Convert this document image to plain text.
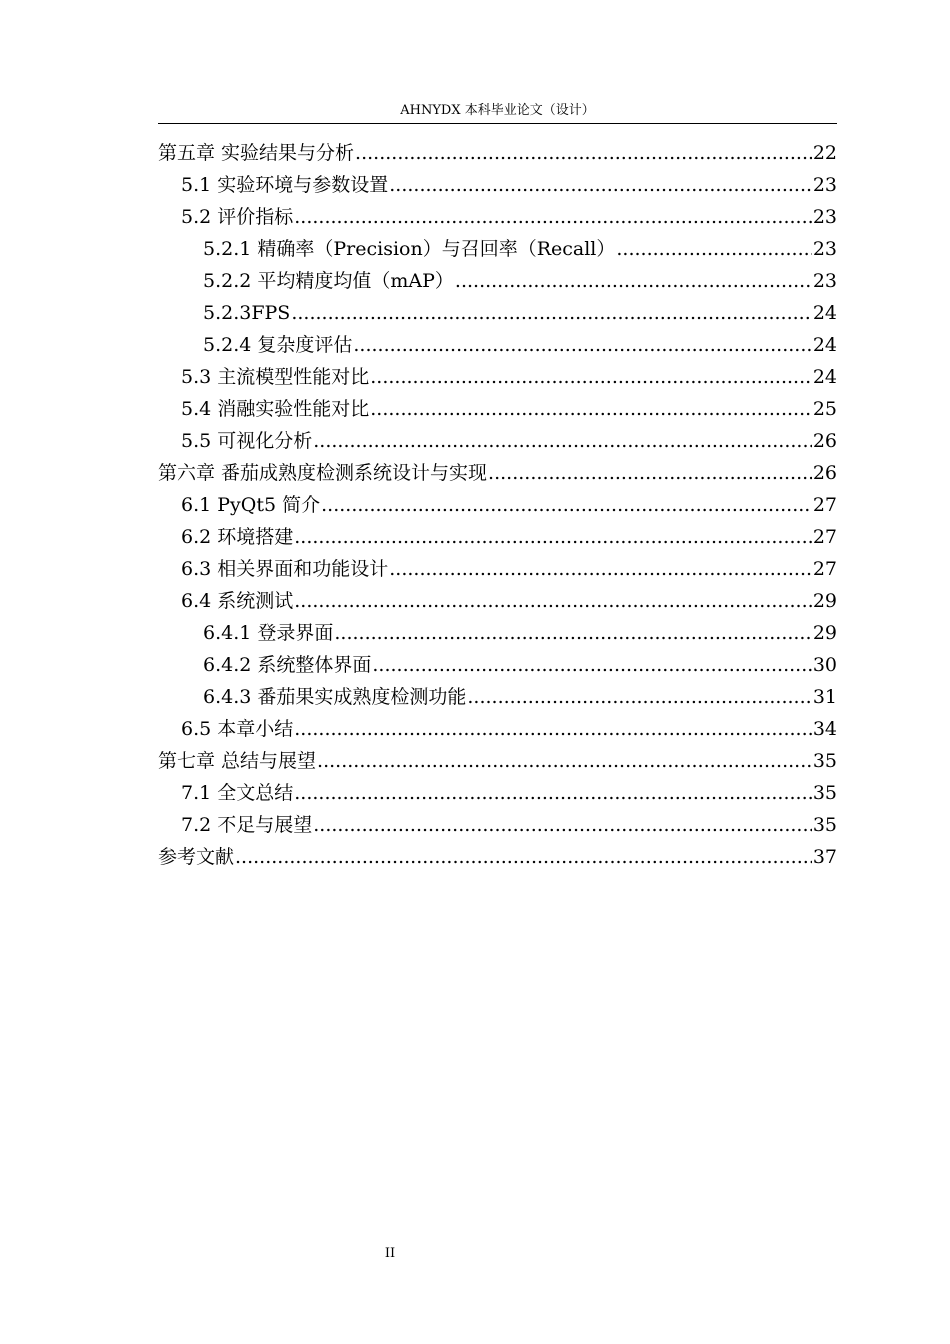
AHNYDX 本科毕业论文（设计）
第五章 实验结果与分析 .....	22
5.1 实验环境与参数设置 .....	23
5.2 评价指标 .....	23
5.2.1 精确率（Precision）与召回率（Recall） .....	23
5.2.2 平均精度均值（mAP） .....	23
5.2.3FPS .....	24
5.2.4 复杂度评估 .....	24
5.3 主流模型性能对比 .....	24
5.4 消融实验性能对比 .....	25
5.5 可视化分析 .....	26
第六章 番茄成熟度检测系统设计与实现 .....	26
6.1 PyQt5 简介 .....	27
6.2 环境搭建 .....	27
6.3 相关界面和功能设计 .....	27
6.4 系统测试 .....	29
6.4.1 登录界面 .....	29
6.4.2 系统整体界面 .....	30
6.4.3 番茄果实成熟度检测功能 .....	31
6.5 本章小结 .....	34
第七章 总结与展望 .....	35
7.1 全文总结 .....	35
7.2 不足与展望 .....	35
参考文献 .....	37
II
